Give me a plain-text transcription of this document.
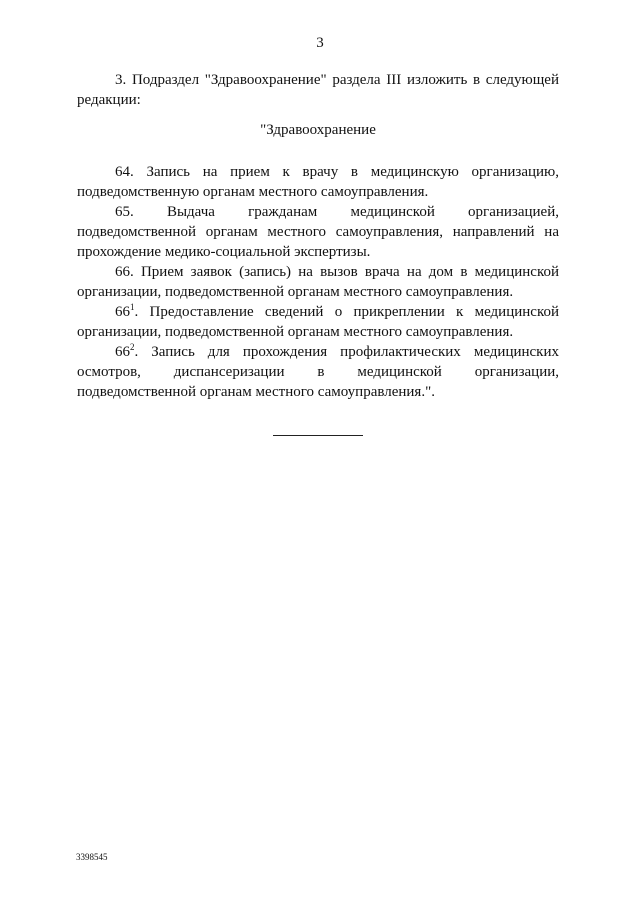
3

3. Подраздел "Здравоохранение" раздела III изложить в следующей редакции:

"Здравоохранение

64. Запись на прием к врачу в медицинскую организацию, подведомственную органам местного самоуправления.

65. Выдача гражданам медицинской организацией, подведомственной органам местного самоуправления, направлений на прохождение медико-социальной экспертизы.

66. Прием заявок (запись) на вызов врача на дом в медицинской организации, подведомственной органам местного самоуправления.

$66^1$. Предоставление сведений о прикреплении к медицинской организации, подведомственной органам местного самоуправления.

$66^2$. Запись для прохождения профилактических медицинских осмотров, диспансеризации в медицинской организации, подведомственной органам местного самоуправления.".

3398545
